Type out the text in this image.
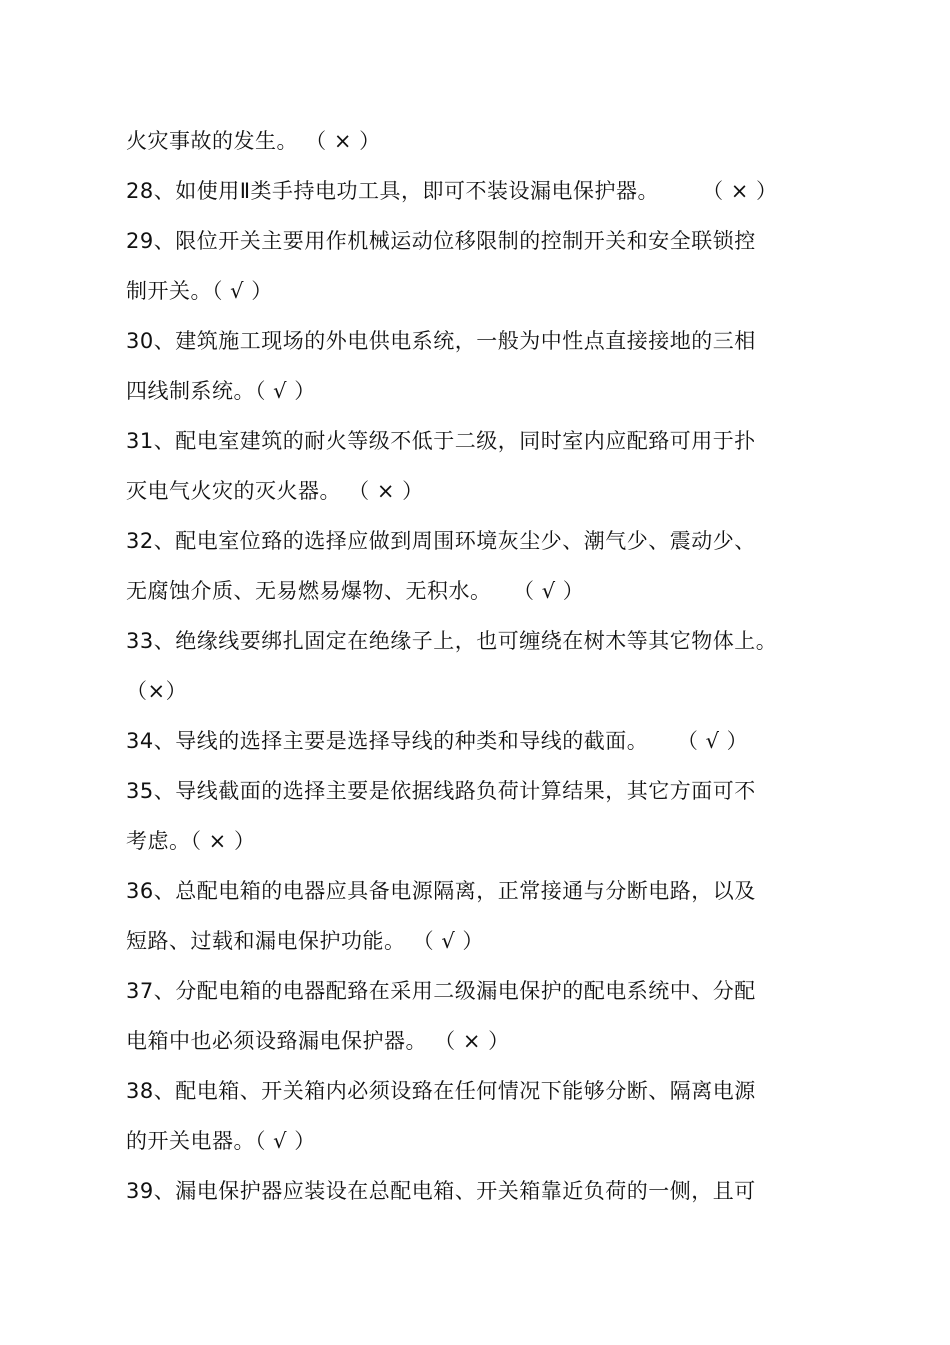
火灾事故的发生。 （ × ）
28、如使用Ⅱ类手持电功工具，即可不装设漏电保护器。      （ × ）
29、限位开关主要用作机械运动位移限制的控制开关和安全联锁控
制开关。（ √ ）
30、建筑施工现场的外电供电系统，一般为中性点直接接地的三相
四线制系统。（ √ ）
31、配电室建筑的耐火等级不低于二级，同时室内应配臵可用于扑
灭电气火灾的灭火器。 （ × ）
32、配电室位臵的选择应做到周围环境灰尘少、潮气少、震动少、
无腐蚀介质、无易燃易爆物、无积水。   （ √ ）
33、绝缘线要绑扎固定在绝缘子上，也可缠绕在树木等其它物体上。
（×）
34、导线的选择主要是选择导线的种类和导线的截面。    （ √ ）
35、导线截面的选择主要是依据线路负荷计算结果，其它方面可不
考虑。（ × ）
36、总配电箱的电器应具备电源隔离，正常接通与分断电路，以及
短路、过载和漏电保护功能。 （ √ ）
37、分配电箱的电器配臵在采用二级漏电保护的配电系统中、分配
电箱中也必须设臵漏电保护器。 （ × ）
38、配电箱、开关箱内必须设臵在任何情况下能够分断、隔离电源
的开关电器。（ √ ）
39、漏电保护器应装设在总配电箱、开关箱靠近负荷的一侧，且可
